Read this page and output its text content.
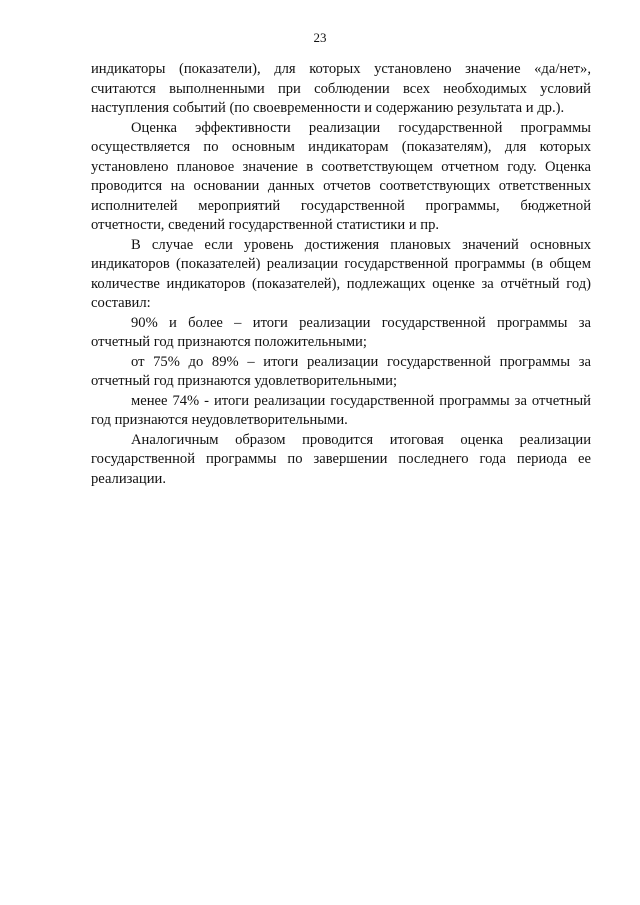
23

индикаторы (показатели), для которых установлено значение «да/нет», считаются выполненными при соблюдении всех необходимых условий наступления событий (по своевременности и содержанию результата и др.).

Оценка эффективности реализации государственной программы осуществляется по основным индикаторам (показателям), для которых установлено плановое значение в соответствующем отчетном году. Оценка проводится на основании данных отчетов соответствующих ответственных исполнителей мероприятий государственной программы, бюджетной отчетности, сведений государственной статистики и пр.

В случае если уровень достижения плановых значений основных индикаторов (показателей) реализации государственной программы (в общем количестве индикаторов (показателей), подлежащих оценке за отчётный год) составил:

90% и более – итоги реализации государственной программы за отчетный год признаются положительными;

от 75% до 89% – итоги реализации государственной программы за отчетный год признаются удовлетворительными;

менее 74% - итоги реализации государственной программы за отчетный год признаются неудовлетворительными.

Аналогичным образом проводится итоговая оценка реализации государственной программы по завершении последнего года периода ее реализации.
